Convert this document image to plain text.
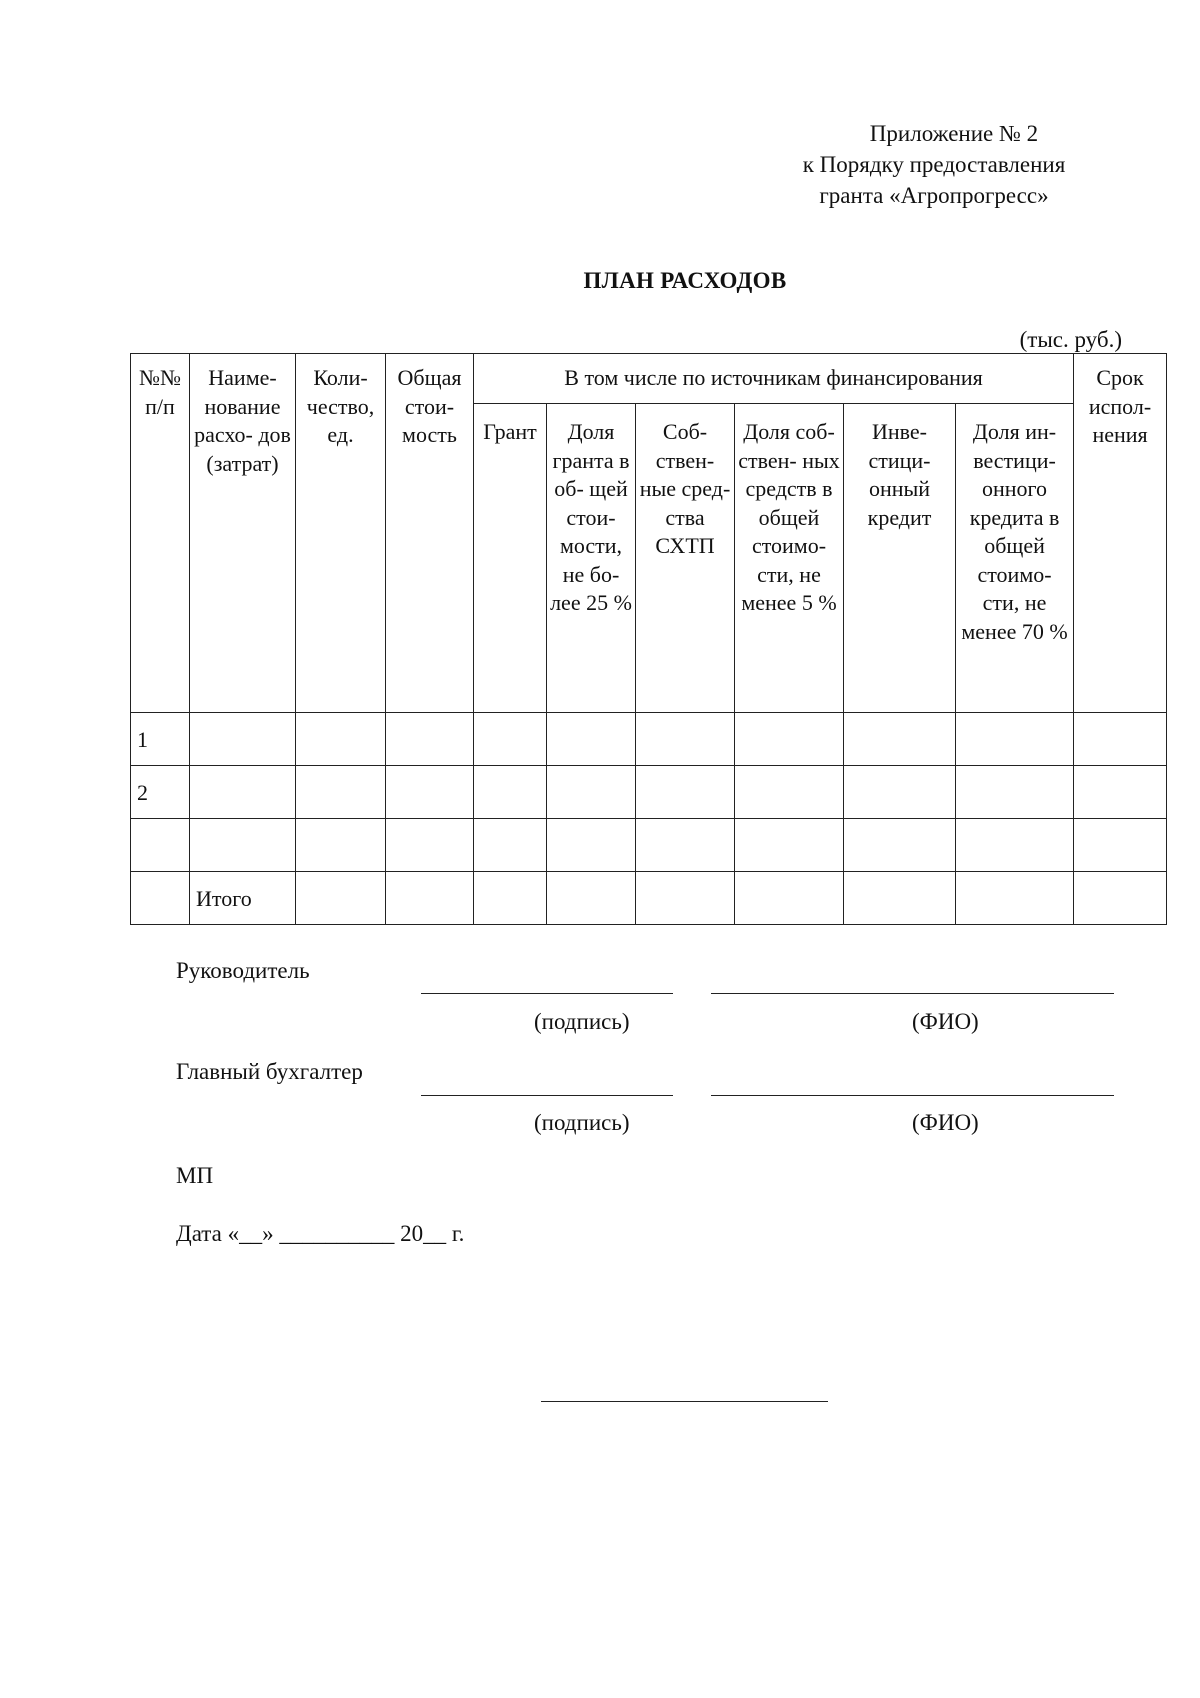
Приложение № 2
к Порядку предоставления
гранта «Агропрогресс»
ПЛАН РАСХОДОВ
(тыс. руб.)
№№ п/п	Наиме- нование расхо- дов (затрат)	Коли- чество, ед.	Общая стои- мость	В том числе по источникам финансирования						Срок испол- нения
				Грант	Доля гранта в об- щей стои- мости, не бо- лее 25 %	Соб- ствен- ные сред- ства СХТП	Доля соб- ствен- ных средств в общей стоимо- сти, не менее 5 %	Инве- стици- онный кредит	Доля ин- вестици- онного кредита в общей стоимо- сти, не менее 70 %	
1										
2										

	Итого									
Руководитель
(подпись)	(ФИО)
Главный бухгалтер
(подпись)	(ФИО)
МП
Дата «__» __________ 20__ г.
